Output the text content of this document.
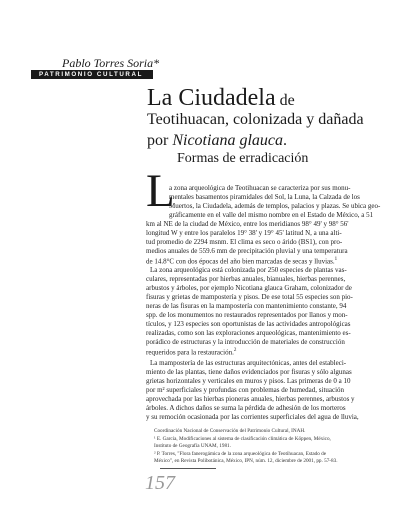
Pablo Torres Soria*
PATRIMONIO CULTURAL
La Ciudadela de
Teotihuacan, colonizada y dañada
por Nicotiana glauca.
Formas de erradicación
L
a zona arqueológica de Teotihuacan se caracteriza por sus monu-
mentales basamentos piramidales del Sol, la Luna, la Calzada de los
Muertos, la Ciudadela, además de templos, palacios y plazas. Se ubica geo-
gráficamente en el valle del mismo nombre en el Estado de México, a 51
km al NE de la ciudad de México, entre los meridianos 98° 49' y 98° 56'
longitud W y entre los paralelos 19° 38' y 19° 45' latitud N, a una alti-
tud promedio de 2294 msnm. El clima es seco o árido (BS1), con pro-
medios anuales de 559.6 mm de precipitación pluvial y una temperatura
de 14.8°C con dos épocas del año bien marcadas de secas y lluvias.$^1$
La zona arqueológica está colonizada por 250 especies de plantas vas-
culares, representadas por hierbas anuales, bianuales, hierbas perennes,
arbustos y árboles, por ejemplo Nicotiana glauca Graham, colonizador de
fisuras y grietas de mampostería y pisos. De ese total 55 especies son pio-
neras de las fisuras en la mampostería con mantenimiento constante, 94
spp. de los monumentos no restaurados representados por llanos y mon-
tículos, y 123 especies son oportunistas de las actividades antropológicas
realizadas, como son las exploraciones arqueológicas, mantenimiento es-
porádico de estructuras y la introducción de materiales de construcción
requeridos para la restauración.$^2$
La mampostería de las estructuras arquitectónicas, antes del estableci-
miento de las plantas, tiene daños evidenciados por fisuras y sólo algunas
grietas horizontales y verticales en muros y pisos. Las primeras de 0 a 10
por m² superficiales y profundas con problemas de humedad, situación
aprovechada por las hierbas pioneras anuales, hierbas perennes, arbustos y
árboles. A dichos daños se suma la pérdida de adhesión de los morteros
y su remoción ocasionada por las corrientes superficiales del agua de lluvia,
Coordinación Nacional de Conservación del Patrimonio Cultural, INAH.
¹ E. García, Modificaciones al sistema de clasificación climática de Köppen, México,
Instituto de Geografía UNAM, 1981.
² P. Torres, "Flora fanerogámica de la zona arqueológica de Teotihuacan, Estado de
México", en Revista Polibotánica, México, IPN, núm. 12, diciembre de 2001, pp. 57-83.
157
